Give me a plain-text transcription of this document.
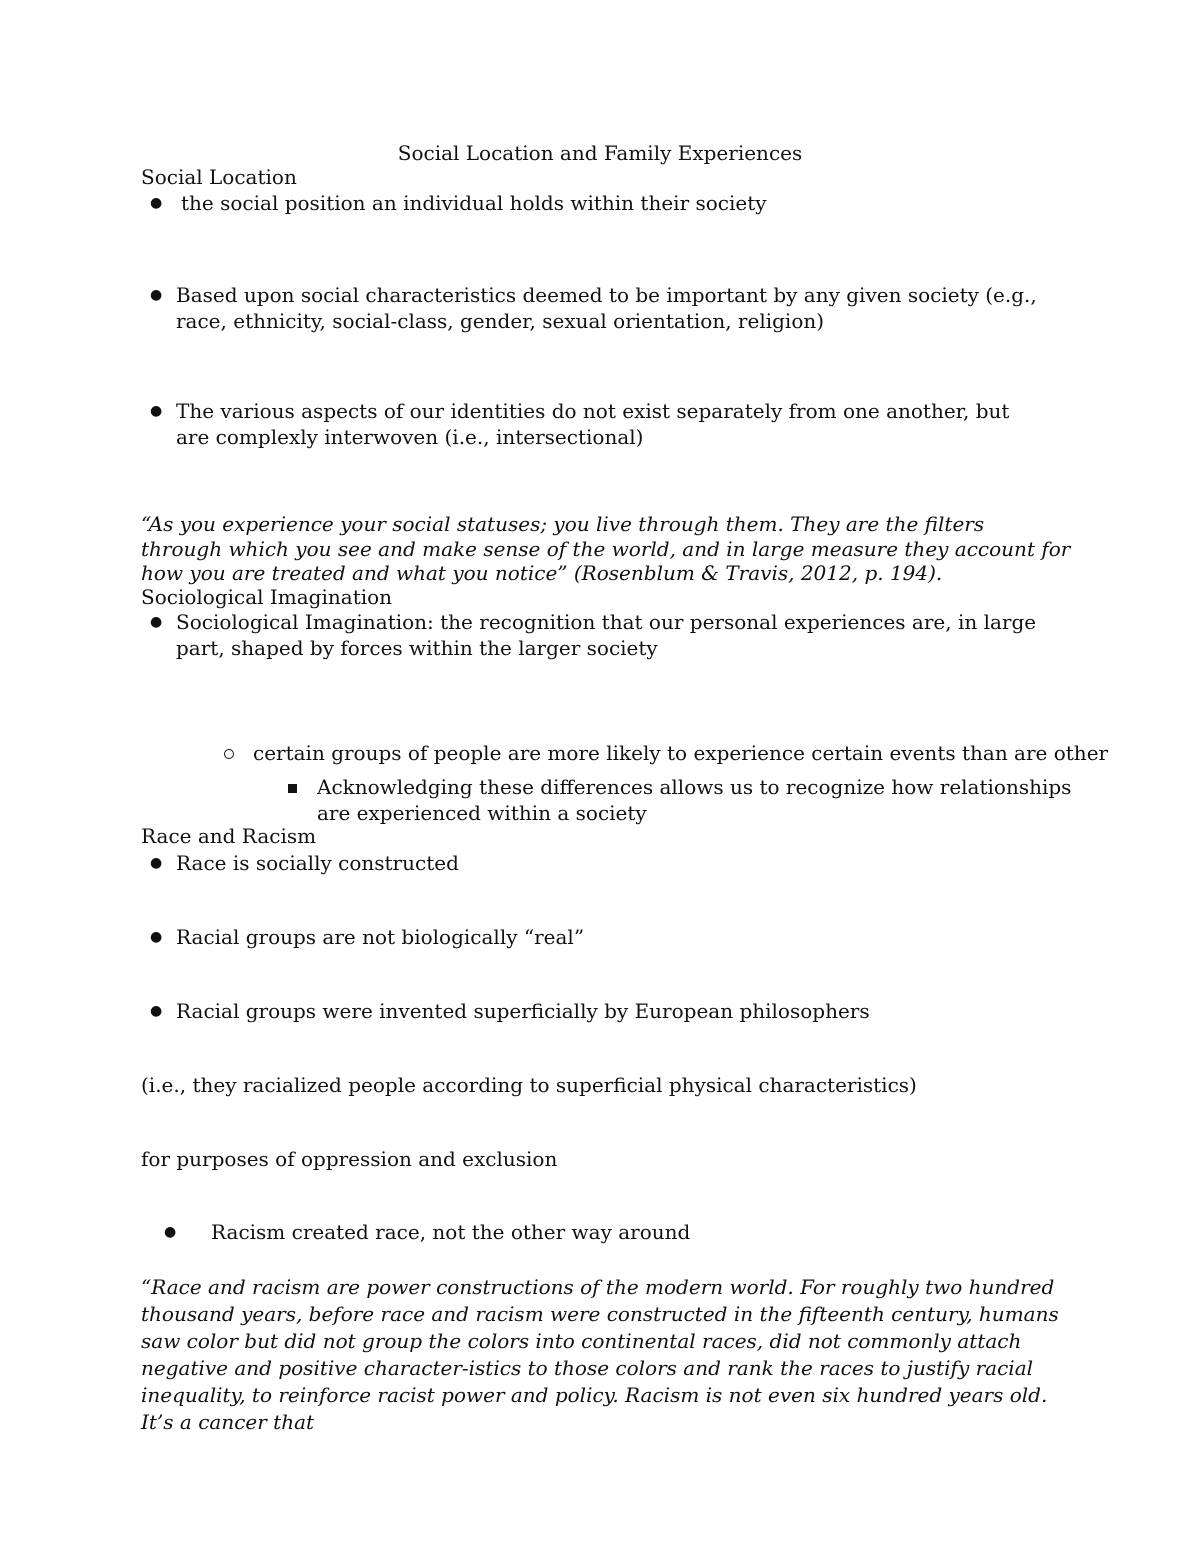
Social Location and Family Experiences
Social Location
● the social position an individual holds within their society
● Based upon social characteristics deemed to be important by any given society (e.g., race, ethnicity, social-class, gender, sexual orientation, religion)
● The various aspects of our identities do not exist separately from one another, but are complexly interwoven (i.e., intersectional)
“As you experience your social statuses; you live through them. They are the filters through which you see and make sense of the world, and in large measure they account for how you are treated and what you notice” (Rosenblum & Travis, 2012, p. 194).
Sociological Imagination
● Sociological Imagination: the recognition that our personal experiences are, in large part, shaped by forces within the larger society
certain groups of people are more likely to experience certain events than are other
Acknowledging these differences allows us to recognize how relationships are experienced within a society
Race and Racism
● Race is socially constructed
● Racial groups are not biologically “real”
● Racial groups were invented superficially by European philosophers
(i.e., they racialized people according to superficial physical characteristics)
for purposes of oppression and exclusion
● Racism created race, not the other way around
“Race and racism are power constructions of the modern world. For roughly two hundred thousand years, before race and racism were constructed in the fifteenth century, humans saw color but did not group the colors into continental races, did not commonly attach negative and positive character-istics to those colors and rank the races to justify racial inequality, to reinforce racist power and policy. Racism is not even six hundred years old. It’s a cancer that
